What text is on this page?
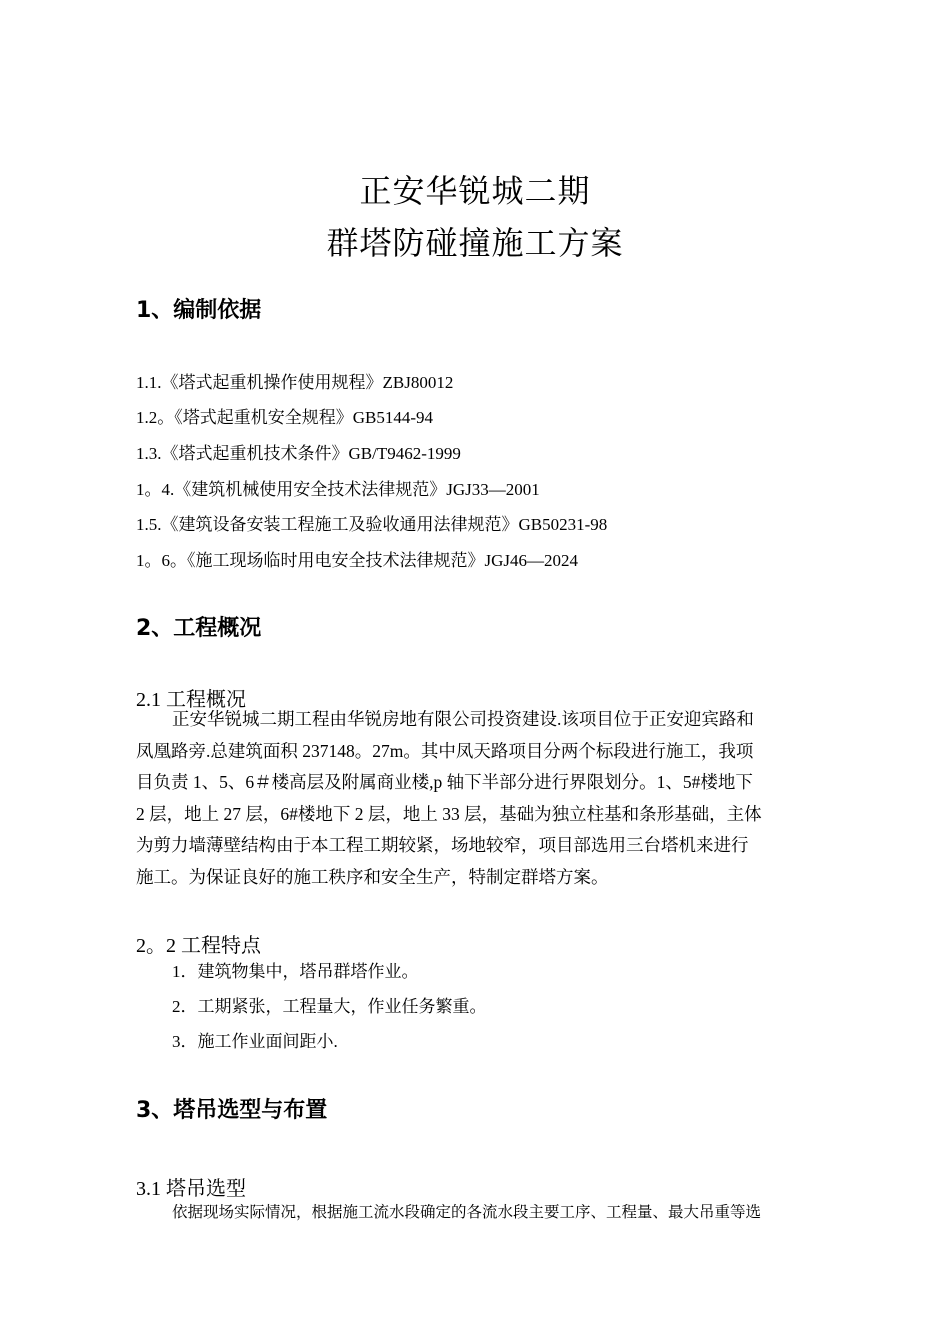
正安华锐城二期
群塔防碰撞施工方案
1、编制依据
1.1.《塔式起重机操作使用规程》ZBJ80012
1.2。《塔式起重机安全规程》GB5144-94
1.3.《塔式起重机技术条件》GB/T9462-1999
1。4.《建筑机械使用安全技术法律规范》JGJ33—2001
1.5.《建筑设备安装工程施工及验收通用法律规范》GB50231-98
1。6。《施工现场临时用电安全技术法律规范》JGJ46—2024
2、工程概况
2.1 工程概况
正安华锐城二期工程由华锐房地有限公司投资建设.该项目位于正安迎宾路和
凤凰路旁.总建筑面积 237148。27m。其中凤天路项目分两个标段进行施工，我项
目负责 1、5、6＃楼高层及附属商业楼,p 轴下半部分进行界限划分。1、5#楼地下
2 层，地上 27 层，6#楼地下 2 层，地上 33 层，基础为独立柱基和条形基础，主体
为剪力墙薄壁结构由于本工程工期较紧，场地较窄，项目部选用三台塔机来进行
施工。为保证良好的施工秩序和安全生产，特制定群塔方案。
2。2 工程特点
1．建筑物集中，塔吊群塔作业。
2．工期紧张，工程量大，作业任务繁重。
3．施工作业面间距小.
3、塔吊选型与布置
3.1 塔吊选型
依据现场实际情况，根据施工流水段确定的各流水段主要工序、工程量、最大吊重等选
